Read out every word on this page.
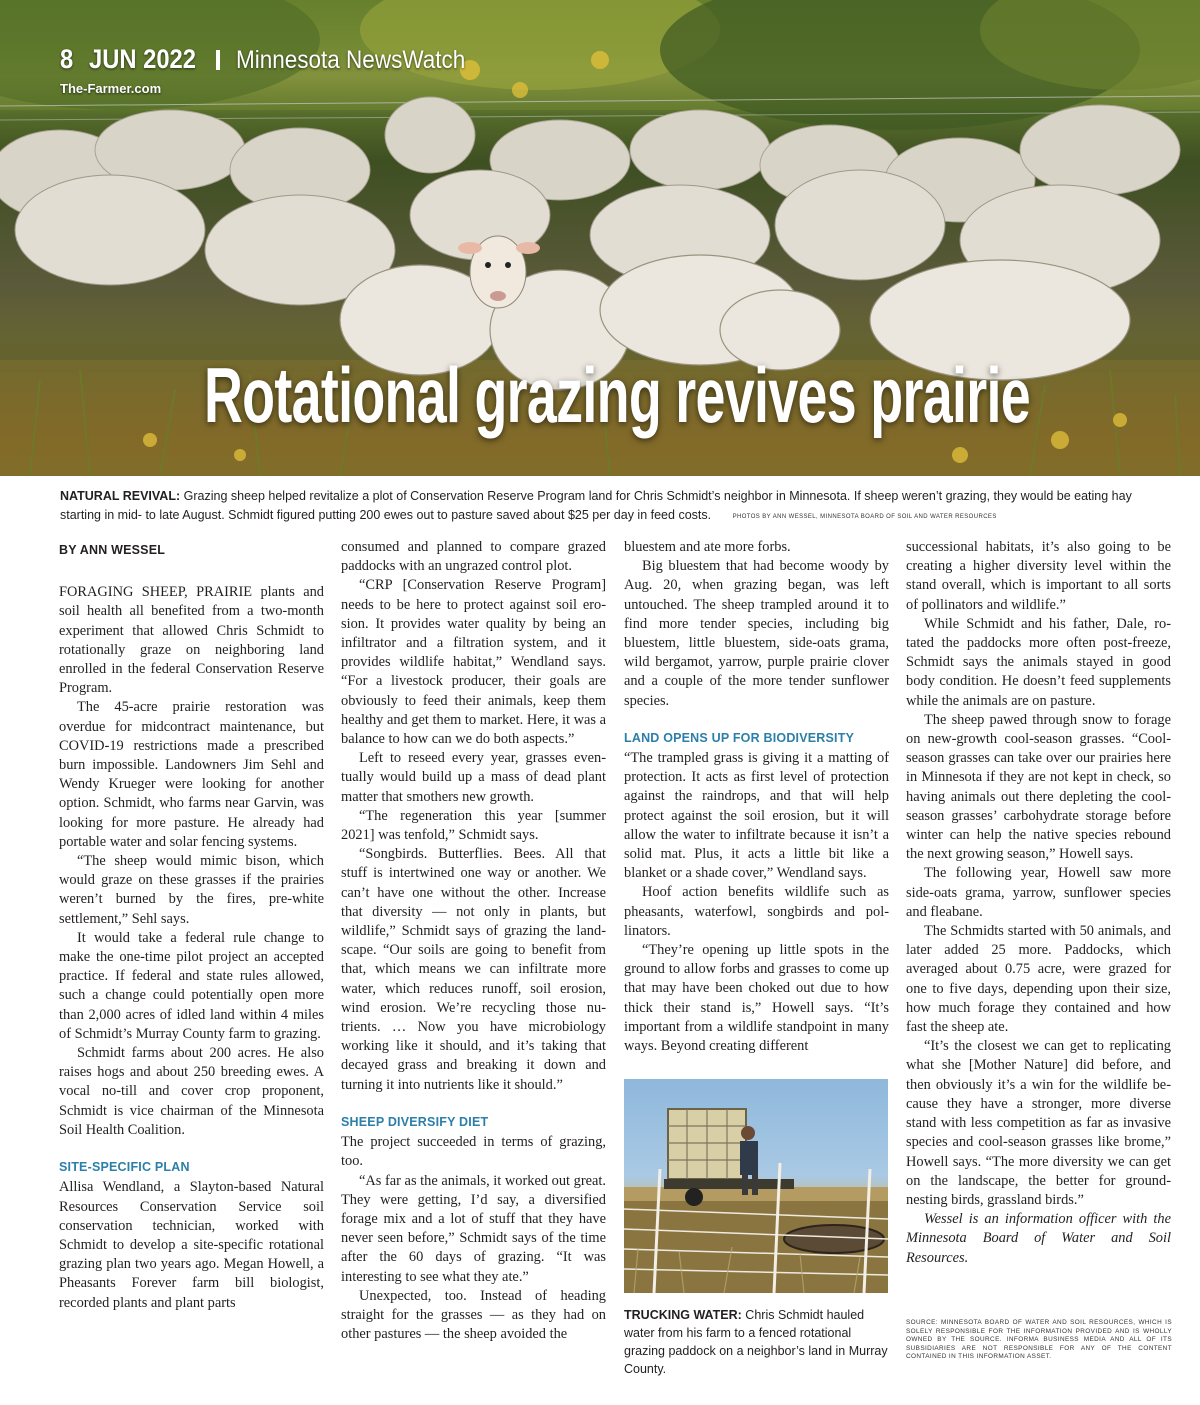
8 JUN 2022 Minnesota NewsWatch
The-Farmer.com
Rotational grazing revives prairie
NATURAL REVIVAL: Grazing sheep helped revitalize a plot of Conservation Reserve Program land for Chris Schmidt’s neighbor in Minnesota. If sheep weren’t grazing, they would be eating hay starting in mid- to late August. Schmidt figured putting 200 ewes out to pasture saved about $25 per day in feed costs.	PHOTOS BY ANN WESSEL, MINNESOTA BOARD OF SOIL AND WATER RESOURCES
BY ANN WESSEL

FORAGING SHEEP, PRAIRIE plants and soil health all benefited from a two-month experiment that allowed Chris Schmidt to rotationally graze on neighboring land enrolled in the federal Conservation Reserve Program.

The 45-acre prairie restoration was overdue for midcontract maintenance, but COVID-19 restrictions made a prescribed burn impossible. Landowners Jim Sehl and Wendy Krueger were looking for another option. Schmidt, who farms near Garvin, was looking for more pasture. He already had portable water and solar fencing systems.

“The sheep would mimic bison, which would graze on these grasses if the prairies weren’t burned by the fires, pre-white settlement,” Sehl says.

It would take a federal rule change to make the one-time pilot project an accepted practice. If federal and state rules allowed, such a change could potentially open more than 2,000 acres of idled land within 4 miles of Schmidt’s Murray County farm to grazing.

Schmidt farms about 200 acres. He also raises hogs and about 250 breeding ewes. A vocal no-till and cover crop proponent, Schmidt is vice chairman of the Minnesota Soil Health Coalition.

SITE-SPECIFIC PLAN

Allisa Wendland, a Slayton-based Natural Resources Conservation Service soil conservation technician, worked with Schmidt to develop a site-specific rotational grazing plan two years ago. Megan Howell, a Pheasants Forever farm bill biologist, recorded plants and plant parts

consumed and planned to compare grazed paddocks with an ungrazed control plot.

“CRP [Conservation Reserve Program] needs to be here to protect against soil erosion. It provides water quality by being an infiltrator and a filtration system, and it provides wildlife habitat,” Wendland says. “For a livestock producer, their goals are obviously to feed their animals, keep them healthy and get them to market. Here, it was a balance to how can we do both aspects.”

Left to reseed every year, grasses eventually would build up a mass of dead plant matter that smothers new growth.

“The regeneration this year [summer 2021] was tenfold,” Schmidt says.

“Songbirds. Butterflies. Bees. All that stuff is intertwined one way or another. We can’t have one without the other. Increase that diversity — not only in plants, but wildlife,” Schmidt says of grazing the landscape. “Our soils are going to benefit from that, which means we can infiltrate more water, which reduces runoff, soil erosion, wind erosion. We’re recycling those nutrients. … Now you have microbiology working like it should, and it’s taking that decayed grass and breaking it down and turning it into nutrients like it should.”

SHEEP DIVERSIFY DIET

The project succeeded in terms of grazing, too.

“As far as the animals, it worked out great. They were getting, I’d say, a diversified forage mix and a lot of stuff that they have never seen before,” Schmidt says of the time after the 60 days of grazing. “It was interesting to see what they ate.”

Unexpected, too. Instead of heading straight for the grasses — as they had on other pastures — the sheep avoided the

bluestem and ate more forbs.

Big bluestem that had become woody by Aug. 20, when grazing began, was left untouched. The sheep trampled around it to find more tender species, including big bluestem, little bluestem, side-oats grama, wild bergamot, yarrow, purple prairie clover and a couple of the more tender sunflower species.

LAND OPENS UP FOR BIODIVERSITY

“The trampled grass is giving it a matting of protection. It acts as first level of protection against the raindrops, and that will help protect against the soil erosion, but it will allow the water to infiltrate because it isn’t a solid mat. Plus, it acts a little bit like a blanket or a shade cover,” Wendland says.

Hoof action benefits wildlife such as pheasants, waterfowl, songbirds and pollinators.

“They’re opening up little spots in the ground to allow forbs and grasses to come up that may have been choked out due to how thick their stand is,” Howell says. “It’s important from a wildlife standpoint in many ways. Beyond creating different

TRUCKING WATER: Chris Schmidt hauled water from his farm to a fenced rotational grazing paddock on a neighbor’s land in Murray County.

successional habitats, it’s also going to be creating a higher diversity level within the stand overall, which is important to all sorts of pollinators and wildlife.”

While Schmidt and his father, Dale, rotated the paddocks more often post-freeze, Schmidt says the animals stayed in good body condition. He doesn’t feed supplements while the animals are on pasture.

The sheep pawed through snow to forage on new-growth cool-season grasses. “Cool-season grasses can take over our prairies here in Minnesota if they are not kept in check, so having animals out there depleting the cool-season grasses’ carbohydrate storage before winter can help the native species rebound the next growing season,” Howell says.

The following year, Howell saw more side-oats grama, yarrow, sunflower species and fleabane.

The Schmidts started with 50 animals, and later added 25 more. Paddocks, which averaged about 0.75 acre, were grazed for one to five days, depending upon their size, how much forage they contained and how fast the sheep ate.

“It’s the closest we can get to replicating what she [Mother Nature] did before, and then obviously it’s a win for the wildlife because they have a stronger, more diverse stand with less competition as far as invasive species and cool-season grasses like brome,” Howell says. “The more diversity we can get on the landscape, the better for ground-nesting birds, grassland birds.”

Wessel is an information officer with the Minnesota Board of Water and Soil Resources.

SOURCE: MINNESOTA BOARD OF WATER AND SOIL RESOURCES, WHICH IS SOLELY RESPONSIBLE FOR THE INFORMATION PROVIDED AND IS WHOLLY OWNED BY THE SOURCE. INFORMA BUSINESS MEDIA AND ALL OF ITS SUBSIDIARIES ARE NOT RESPONSIBLE FOR ANY OF THE CONTENT CONTAINED IN THIS INFORMATION ASSET.
